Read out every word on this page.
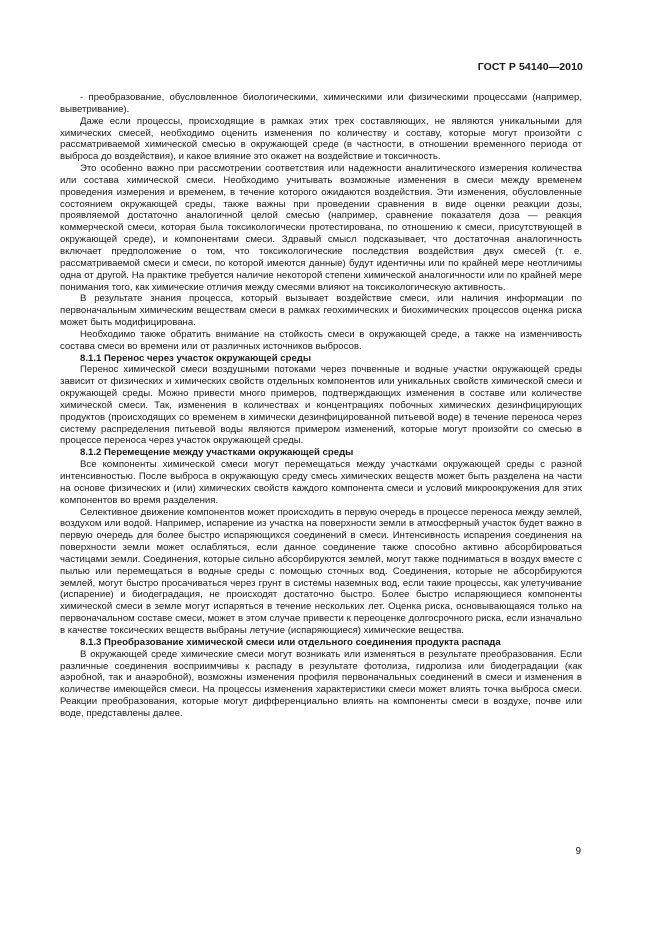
ГОСТ Р 54140—2010

- преобразование, обусловленное биологическими, химическими или физическими процессами (например, выветривание).

Даже если процессы, происходящие в рамках этих трех составляющих, не являются уникальными для химических смесей, необходимо оценить изменения по количеству и составу, которые могут произойти с рассматриваемой химической смесью в окружающей среде (в частности, в отношении временного периода от выброса до воздействия), и какое влияние это окажет на воздействие и токсичность.

Это особенно важно при рассмотрении соответствия или надежности аналитического измерения количества или состава химической смеси. Необходимо учитывать возможные изменения в смеси между временем проведения измерения и временем, в течение которого ожидаются воздействия. Эти изменения, обусловленные состоянием окружающей среды, также важны при проведении сравнения в виде оценки реакции дозы, проявляемой достаточно аналогичной целой смесью (например, сравнение показателя доза — реакция коммерческой смеси, которая была токсикологически протестирована, по отношению к смеси, присутствующей в окружающей среде), и компонентами смеси. Здравый смысл подсказывает, что достаточная аналогичность включает предположение о том, что токсикологические последствия воздействия двух смесей (т. е. рассматриваемой смеси и смеси, по которой имеются данные) будут идентичны или по крайней мере неотличимы одна от другой. На практике требуется наличие некоторой степени химической аналогичности или по крайней мере понимания того, как химические отличия между смесями влияют на токсикологическую активность.

В результате знания процесса, который вызывает воздействие смеси, или наличия информации по первоначальным химическим веществам смеси в рамках геохимических и биохимических процессов оценка риска может быть модифицирована.

Необходимо также обратить внимание на стойкость смеси в окружающей среде, а также на изменчивость состава смеси во времени или от различных источников выбросов.

8.1.1 Перенос через участок окружающей среды

Перенос химической смеси воздушными потоками через почвенные и водные участки окружающей среды зависит от физических и химических свойств отдельных компонентов или уникальных свойств химической смеси и окружающей среды. Можно привести много примеров, подтверждающих изменения в составе или количестве химической смеси. Так, изменения в количествах и концентрациях побочных химических дезинфицирующих продуктов (происходящих со временем в химически дезинфицированной питьевой воде) в течение переноса через систему распределения питьевой воды являются примером изменений, которые могут произойти со смесью в процессе переноса через участок окружающей среды.

8.1.2 Перемещение между участками окружающей среды

Все компоненты химической смеси могут перемещаться между участками окружающей среды с разной интенсивностью. После выброса в окружающую среду смесь химических веществ может быть разделена на части на основе физических и (или) химических свойств каждого компонента смеси и условий микроокружения для этих компонентов во время разделения.

Селективное движение компонентов может происходить в первую очередь в процессе переноса между землей, воздухом или водой. Например, испарение из участка на поверхности земли в атмосферный участок будет важно в первую очередь для более быстро испаряющихся соединений в смеси. Интенсивность испарения соединения на поверхности земли может ослабляться, если данное соединение также способно активно абсорбироваться частицами земли. Соединения, которые сильно абсорбируются землей, могут также подниматься в воздух вместе с пылью или перемещаться в водные среды с помощью сточных вод. Соединения, которые не абсорбируются землей, могут быстро просачиваться через грунт в системы наземных вод, если такие процессы, как улетучивание (испарение) и биодеградация, не происходят достаточно быстро. Более быстро испаряющиеся компоненты химической смеси в земле могут испаряться в течение нескольких лет. Оценка риска, основывающаяся только на первоначальном составе смеси, может в этом случае привести к переоценке долгосрочного риска, если изначально в качестве токсических веществ выбраны летучие (испаряющиеся) химические вещества.

8.1.3 Преобразование химической смеси или отдельного соединения продукта распада

В окружающей среде химические смеси могут возникать или изменяться в результате преобразования. Если различные соединения восприимчивы к распаду в результате фотолиза, гидролиза или биодеградации (как аэробной, так и анаэробной), возможны изменения профиля первоначальных соединений в смеси и изменения в количестве имеющейся смеси. На процессы изменения характеристики смеси может влиять точка выброса смеси. Реакции преобразования, которые могут дифференциально влиять на компоненты смеси в воздухе, почве или воде, представлены далее.

9
